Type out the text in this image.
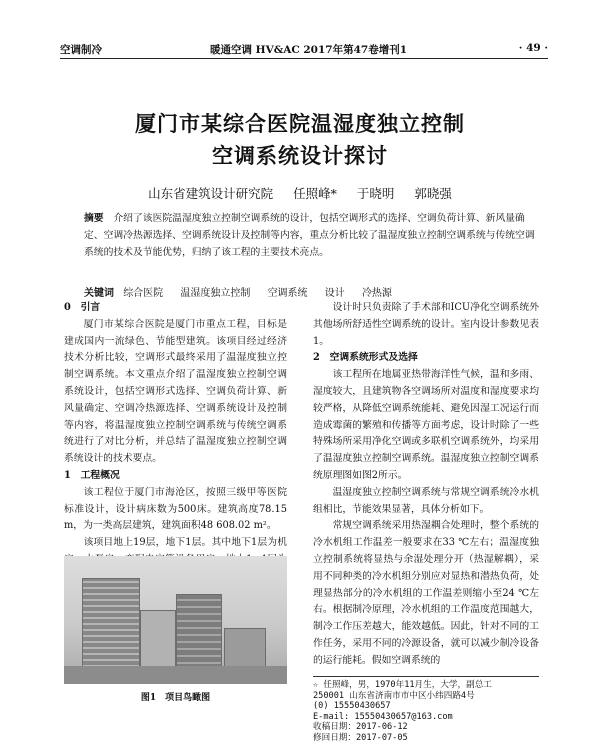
空调制冷	暖通空调 HV&AC 2017年第47卷增刊1	· 49 ·
厦门市某综合医院温湿度独立控制
空调系统设计探讨
山东省建筑设计研究院 任照峰* 于晓明 郭晓强
摘要　 介绍了该医院温湿度独立控制空调系统的设计，包括空调形式的选择、空调负荷计算、新风量确定、空调冷热源选择、空调系统设计及控制等内容，重点分析比较了温湿度独立控制空调系统与传统空调系统的技术及节能优势，归纳了该工程的主要技术亮点。
关键词 综合医院 温湿度独立控制 空调系统 设计 冷热源

0　引言

厦门市某综合医院是厦门市重点工程，目标是建成国内一流绿色、节能型建筑。该项目经过经济技术分析比较，空调形式最终采用了温湿度独立控制空调系统。本文重点介绍了温湿度独立控制空调系统设计，包括空调形式选择、空调负荷计算、新风量确定、空调冷热源选择、空调系统设计及控制等内容，将温湿度独立控制空调系统与传统空调系统进行了对比分析，并总结了温湿度独立控制空调系统设计的技术要点。

1　工程概况

该工程位于厦门市海沧区，按照三级甲等医院标准设计，设计病床数为500床。建筑高度78.15 m，为一类高层建筑，建筑面积48 608.02 m²。

该项目地上19层，地下1层。其中地下1层为机

图1　项目鸟瞰图

设计时只负责除了手术部和ICU净化空调系统外其他场所舒适性空调系统的设计。室内设计参数见表1。

2　空调系统形式及选择

该工程所在地属亚热带海洋性气候，温和多雨、湿度较大，且建筑物各空调场所对温度和湿度要求均较严格，从降低空调系统能耗、避免因湿工况运行而造成霉菌的繁殖和传播等方面考虑，设计时除了一些特殊场所采用净化空调或多联机空调系统外，均采用了温湿度独立控制空调系统。温湿度独立控制空调系统原理图如图2所示。

温湿度独立控制空调系统与常规空调系统冷水机组相比，节能效果显著，具体分析如下。

常规空调系统采用热湿耦合处理时，整个系统的冷水机组工作温差一般要求在33 ℃左右；温湿度独立控制系统将显热与余湿处理分开（热湿解耦），采用不同种类的冷水机组分别应对显热和潜热负荷，处理显热部分的冷水机组的工作温差则缩小至24 ℃左右。根据制冷原理，冷水机组的工作温度范围越大，制冷工作压差越大，能效越低。因此，针对不同的工作任务，采用不同的冷源设备，就可以减少制冷设备的运行能耗。假如空调系统的

☆ 任照峰，男，1970年11月生，大学，副总工
250001 山东省济南市市中区小纬四路4号
(0) 15550430657
E-mail: 15550430657@163.com
收稿日期：2017-06-12
修回日期：2017-07-05
